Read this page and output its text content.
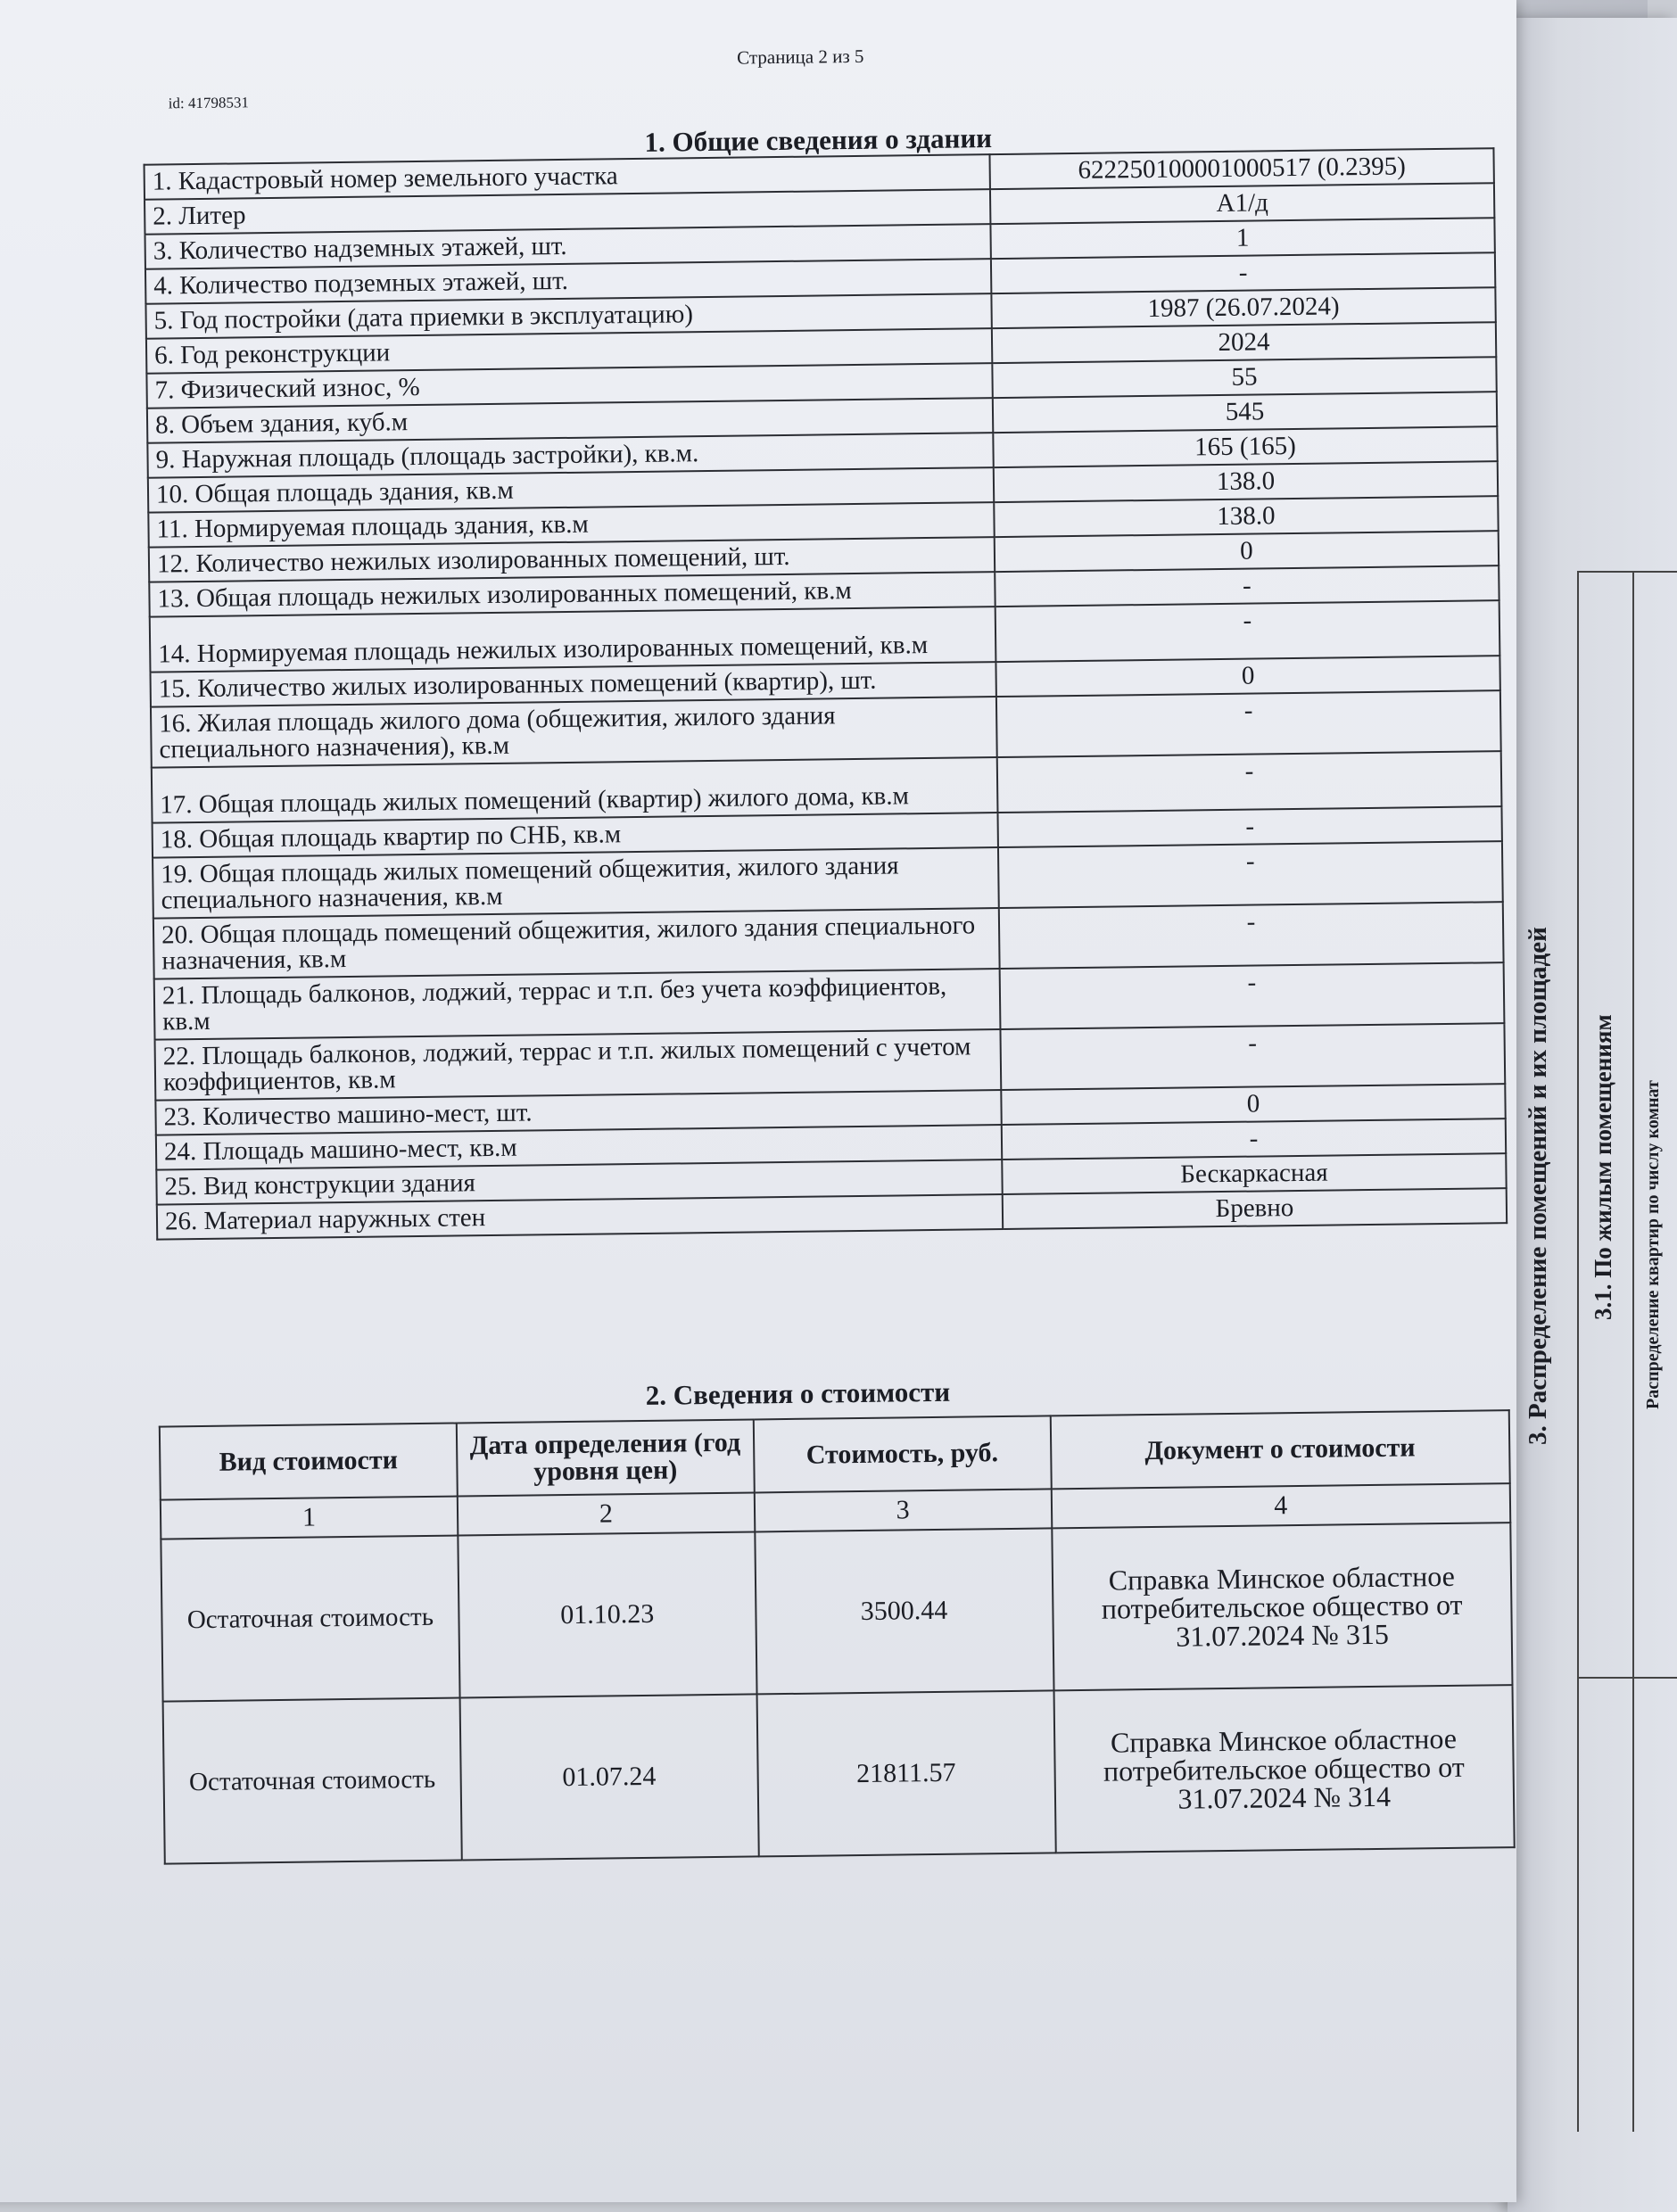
3. Распределение помещений и их площадей 3.1. По жилым помещениям Распределение квартир по числу комнат
Страница 2 из 5
id: 41798531
1. Общие сведения о здании
1. Кадастровый номер земельного участка	622250100001000517 (0.2395)
2. Литер	А1/д
3. Количество надземных этажей, шт.	1
4. Количество подземных этажей, шт.	-
5. Год постройки (дата приемки в эксплуатацию)	1987 (26.07.2024)
6. Год реконструкции	2024
7. Физический износ, %	55
8. Объем здания, куб.м	545
9. Наружная площадь (площадь застройки), кв.м.	165 (165)
10. Общая площадь здания, кв.м	138.0
11. Нормируемая площадь здания, кв.м	138.0
12. Количество нежилых изолированных помещений, шт.	0
13. Общая площадь нежилых изолированных помещений, кв.м	-
14. Нормируемая площадь нежилых изолированных помещений, кв.м	-
15. Количество жилых изолированных помещений (квартир), шт.	0
16. Жилая площадь жилого дома (общежития, жилого здания специального назначения), кв.м	-
17. Общая площадь жилых помещений (квартир) жилого дома, кв.м	-
18. Общая площадь квартир по СНБ, кв.м	-
19. Общая площадь жилых помещений общежития, жилого здания специального назначения, кв.м	-
20. Общая площадь помещений общежития, жилого здания специального назначения, кв.м	-
21. Площадь балконов, лоджий, террас и т.п. без учета коэффициентов, кв.м	-
22. Площадь балконов, лоджий, террас и т.п. жилых помещений с учетом коэффициентов, кв.м	-
23. Количество машино-мест, шт.	0
24. Площадь машино-мест, кв.м	-
25. Вид конструкции здания	Бескаркасная
26. Материал наружных стен	Бревно
2. Сведения о стоимости
Вид стоимости	Дата определения (год уровня цен)	Стоимость, руб.	Документ о стоимости
1	2	3	4
Остаточная стоимость	01.10.23	3500.44	Справка Минское областное потребительское общество от 31.07.2024 № 315
Остаточная стоимость	01.07.24	21811.57	Справка Минское областное потребительское общество от 31.07.2024 № 314
